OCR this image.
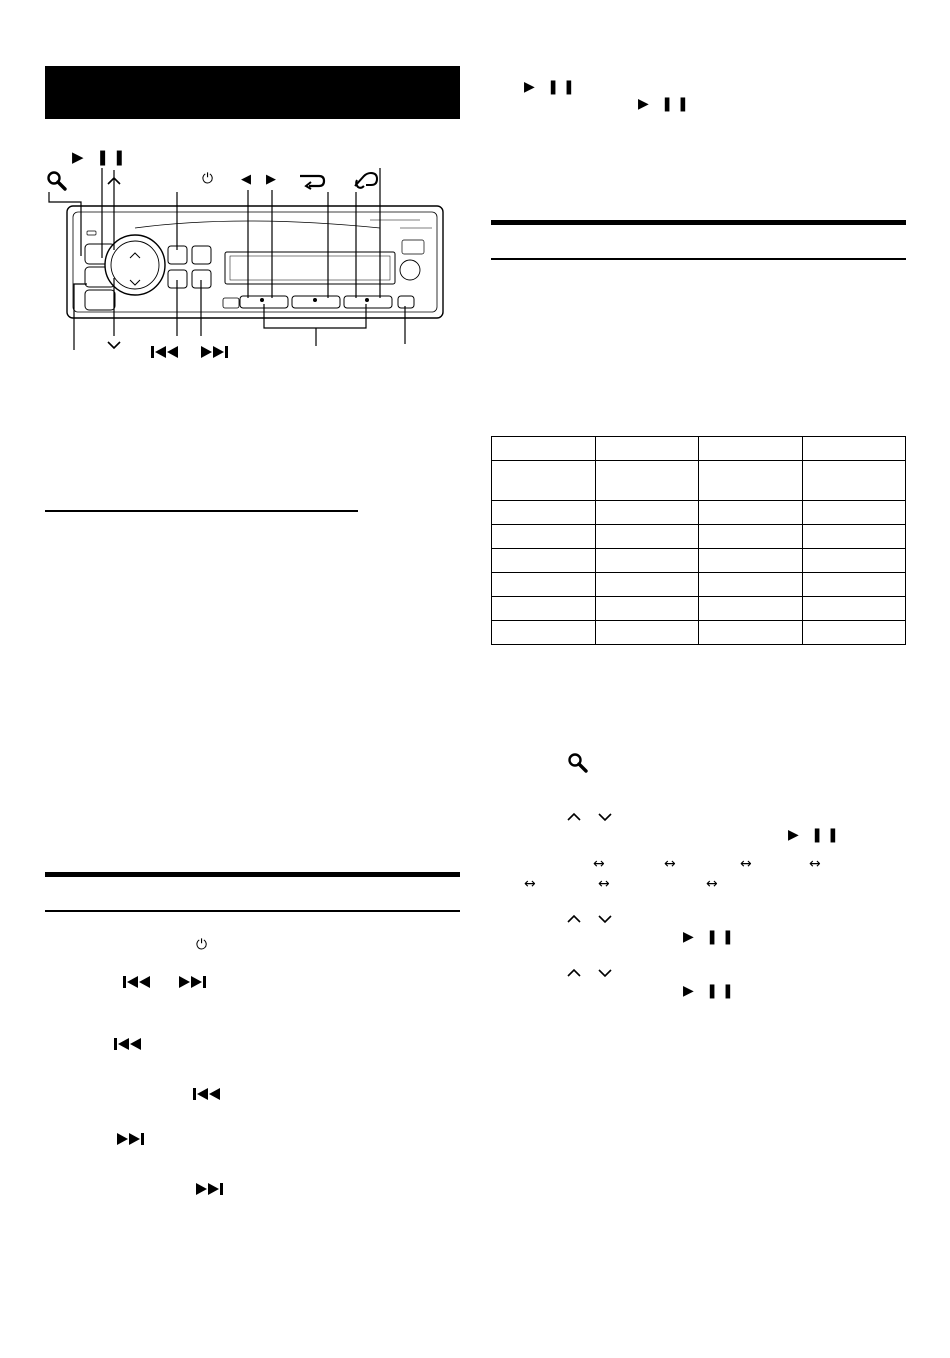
▶ ❚❚
⏻ ◀ ▶
⏻
▶ ❚❚
▶ ❚❚

▶ ❚❚
↔	↔	↔	↔
↔	↔	↔
▶ ❚❚
▶ ❚❚
